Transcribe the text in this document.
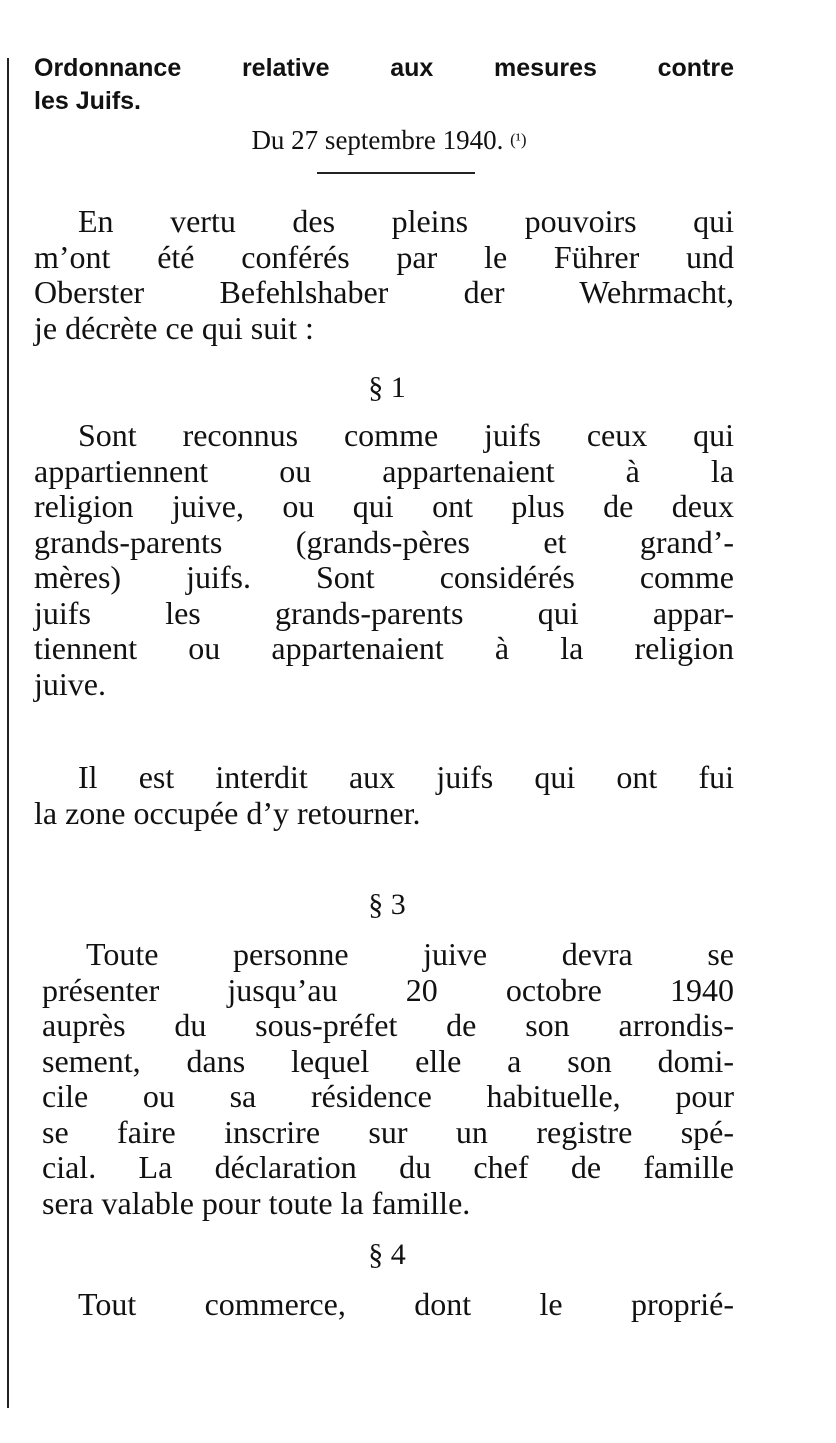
Ordonnance relative aux mesures contre
les Juifs.

Du 27 septembre 1940. $^{(^1)}$

En vertu des pleins pouvoirs qui
m’ont été conférés par le Führer und
Oberster Befehlshaber der Wehrmacht,
je décrète ce qui suit :

§ 1

Sont reconnus comme juifs ceux qui
appartiennent ou appartenaient à la
religion juive, ou qui ont plus de deux
grands-parents (grands-pères et grand’-
mères) juifs. Sont considérés comme
juifs les grands-parents qui appar-
tiennent ou appartenaient à la religion
juive.

Il est interdit aux juifs qui ont fui
la zone occupée d’y retourner.

§ 3

Toute personne juive devra se
présenter jusqu’au 20 octobre 1940
auprès du sous-préfet de son arrondis-
sement, dans lequel elle a son domi-
cile ou sa résidence habituelle, pour
se faire inscrire sur un registre spé-
cial. La déclaration du chef de famille
sera valable pour toute la famille.

§ 4

Tout commerce, dont le proprié-
